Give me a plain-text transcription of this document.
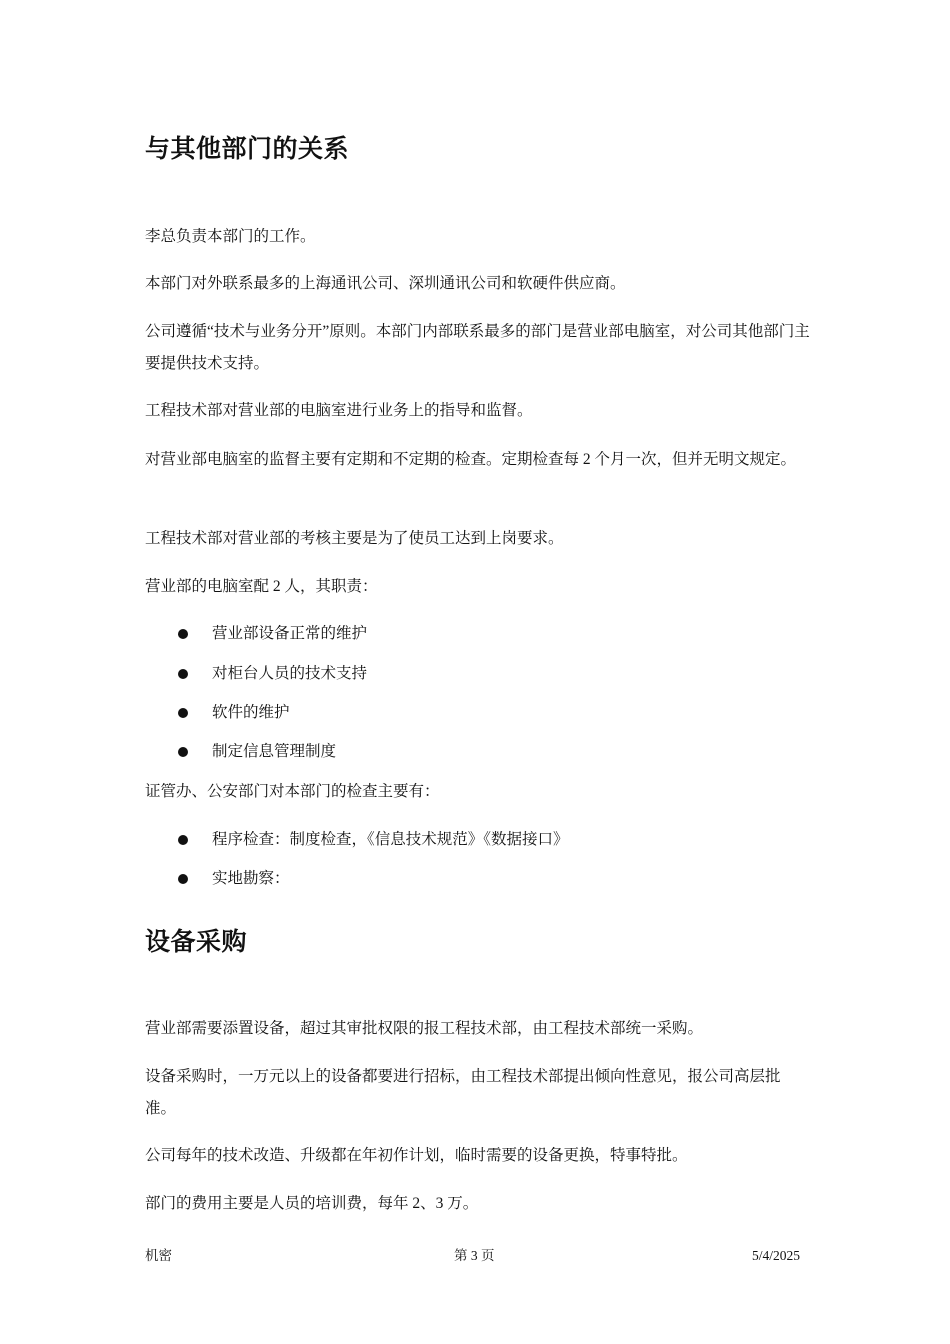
与其他部门的关系
李总负责本部门的工作。
本部门对外联系最多的上海通讯公司、深圳通讯公司和软硬件供应商。
公司遵循“技术与业务分开”原则。本部门内部联系最多的部门是营业部电脑室，对公司其他部门主要提供技术支持。
工程技术部对营业部的电脑室进行业务上的指导和监督。
对营业部电脑室的监督主要有定期和不定期的检查。定期检查每 2 个月一次，但并无明文规定。
工程技术部对营业部的考核主要是为了使员工达到上岗要求。
营业部的电脑室配 2 人，其职责：
营业部设备正常的维护
对柜台人员的技术支持
软件的维护
制定信息管理制度
证管办、公安部门对本部门的检查主要有：
程序检查：制度检查，《信息技术规范》《数据接口》
实地勘察：
设备采购
营业部需要添置设备，超过其审批权限的报工程技术部，由工程技术部统一采购。
设备采购时，一万元以上的设备都要进行招标，由工程技术部提出倾向性意见，报公司高层批准。
公司每年的技术改造、升级都在年初作计划，临时需要的设备更换，特事特批。
部门的费用主要是人员的培训费，每年 2、3 万。
机密	第 3 页	5/4/2025
